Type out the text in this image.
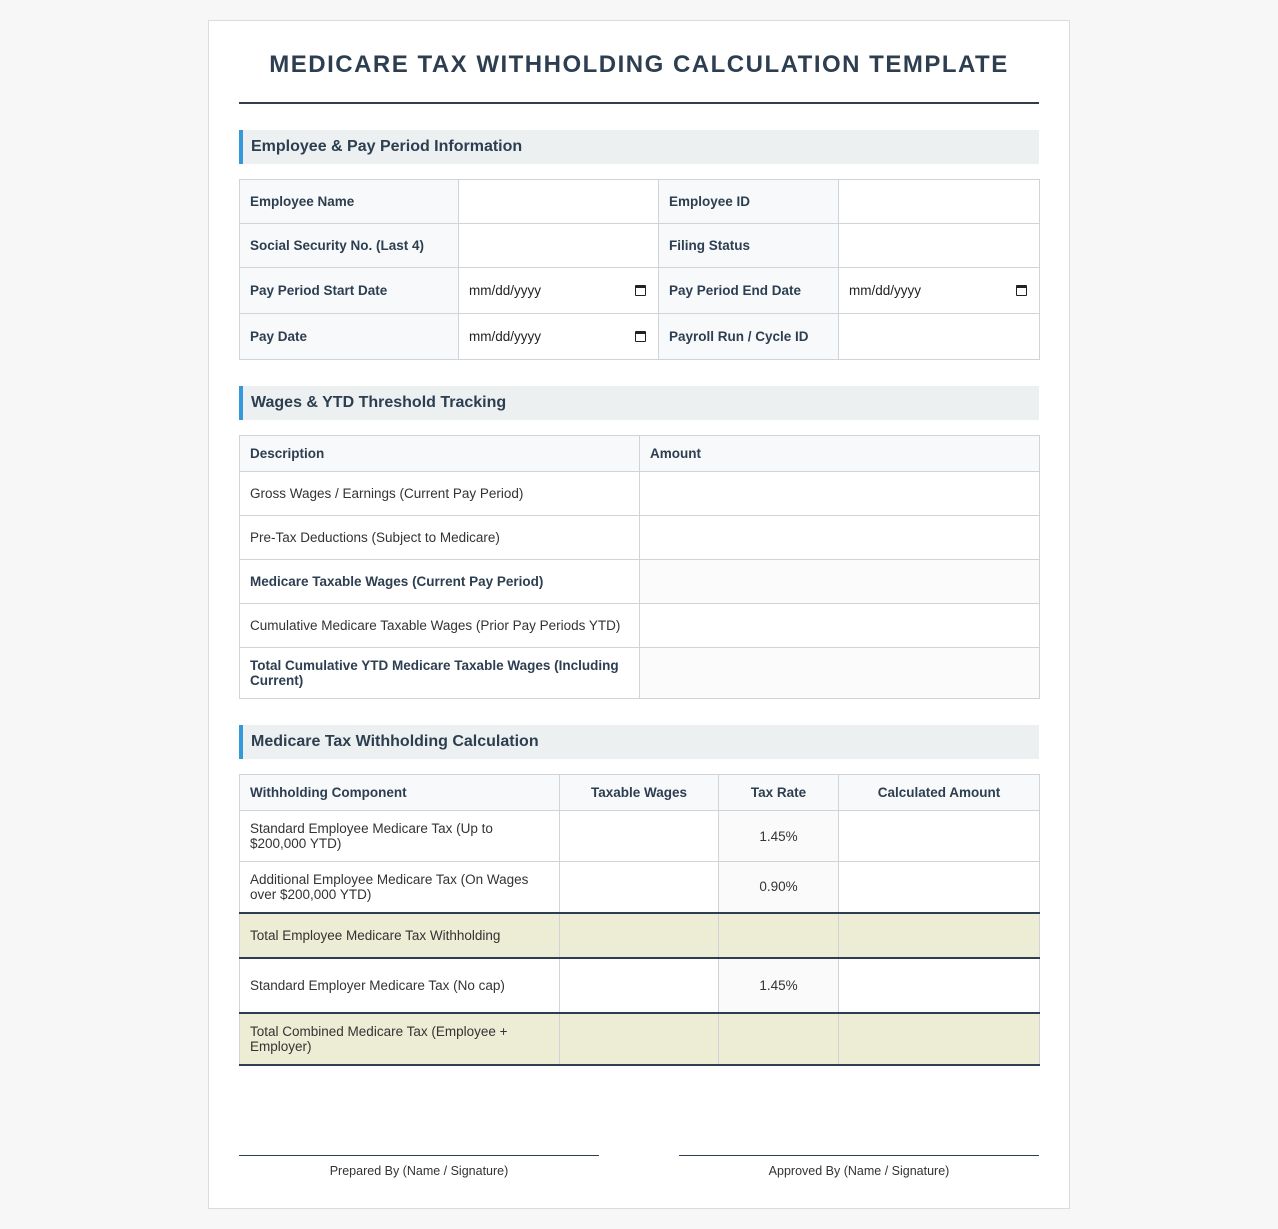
MEDICARE TAX WITHHOLDING CALCULATION TEMPLATE
Employee & Pay Period Information
Employee Name		Employee ID	
Social Security No. (Last 4)		Filing Status	
Pay Period Start Date	mm/dd/yyyy	Pay Period End Date	mm/dd/yyyy

Pay Date	mm/dd/yyyy	Payroll Run / Cycle ID	
Wages & YTD Threshold Tracking
Description	Amount
Gross Wages / Earnings (Current Pay Period)	
Pre-Tax Deductions (Subject to Medicare)	
Medicare Taxable Wages (Current Pay Period)	
Cumulative Medicare Taxable Wages (Prior Pay Periods YTD)	
Total Cumulative YTD Medicare Taxable Wages (Including Current)	
Medicare Tax Withholding Calculation
Withholding Component	Taxable Wages	Tax Rate	Calculated Amount
Standard Employee Medicare Tax (Up to $200,000 YTD)		1.45%	
Additional Employee Medicare Tax (On Wages over $200,000 YTD)		0.90%	
Total Employee Medicare Tax Withholding			
Standard Employer Medicare Tax (No cap)		1.45%	
Total Combined Medicare Tax (Employee + Employer)			
Prepared By (Name / Signature)	Approved By (Name / Signature)
